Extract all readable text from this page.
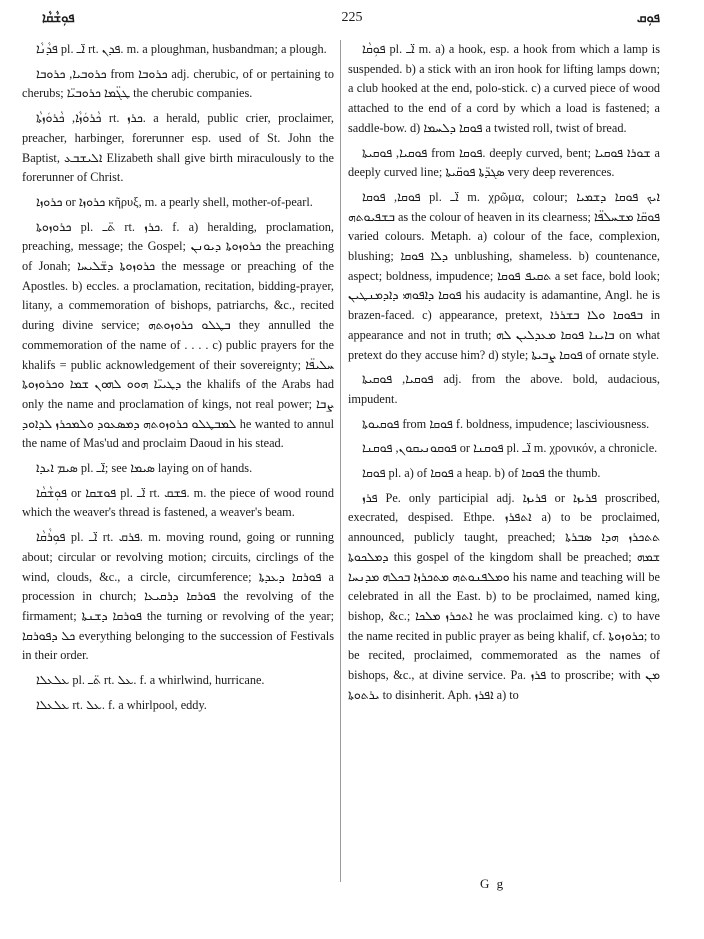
ܦܘܼܫܵܩܵܐ	225	ܦܘܼܩ

ܦܕܵܢܵܐ pl. ܐ̈ـ rt. ܦܕܢ. m. a ploughman, husbandman; a plough.

ܟܪܘܒܝܐ, ܟܪܘܒܐ from ܟܪܘܒܐ adj. cherubic, of or pertaining to cherubs; ܛܓ̈ܡܐ ܟܪܘܒܝ̈ܐ the cherubic companies.

ܟܵܪܘܿܙܵܐ, ܟܵܪܘܿܙܬܵܐ rt. ܟܪܙ. a herald, public crier, proclaimer, preacher, harbinger, forerunner esp. used of St. John the Baptist, ܐܠܝܫܒܥ Elizabeth shall give birth miraculously to the forerunner of Christ.

ܟܪܘܙܐ or ܟܪܘܙܐ κῆρυξ, m. a pearly shell, mother-of-pearl.

ܟܪܘܙܘܬܐ pl. ܬ̈ـ rt. ܟܪܙ. f. a) heralding, proclamation, preaching, message; the Gospel; ܟܪܘܙܘܬܐ ܕܝܘܢܢ the preaching of Jonah; ܟܪܘܙܘܬܐ ܕܫ̈ܠܝܚܐ the message or preaching of the Apostles. b) eccles. a proclamation, recitation, bidding-prayer, litany, a commemoration of bishops, patriarchs, &c., recited during divine service; ܒܛܠܘ ܟܪܘܙܘܬܗ they annulled the commemoration of the name of . . . . c) public prayers for the khalifs = public acknowledgement of their sovereignty; ܚܠܝܦ̈ܐ ܕܛܝܝ̈ܐ ܗܘܘ ܠܗܘܢ ܫܡܐ ܘܟܪܘܙܘܬܐ the khalifs of the Arabs had only the name and proclamation of kings, not real power; ܨܒܐ ܠܡܒܛܠܘ ܟܪܘܙܘܬܗ ܕܡܣܥܘܕ ܘܠܡܟܪܙ ܠܕܐܘܕ he wanted to annul the name of Mas'ud and proclaim Daoud in his stead.

ܣܝܡ ܐܝܕܐ pl. ܐ̈ـ; see ܣܝܡܐ laying on of hands.

ܦܘܼܫܵܩܵܐ or ܦܘܫܩܐ pl. ܐ̈ـ rt. ܦܫܩ. m. the piece of wood round which the weaver's thread is fastened, a weaver's beam.

ܦܘܼܪܵܩܵܐ pl. ܐ̈ـ rt. ܦܪܩ. m. moving round, going or running about; circular or revolving motion; circuits, circlings of the wind, clouds, &c., a circle, circumference; ܦܘܪܩܐ ܕܥܕܬܐ a procession in church; ܦܘܪܩܐ ܕܪܩܝܥܐ the revolving of the firmament; ܦܘܪܩܐ ܕܫܢܬܐ the turning or revolving of the year; ܟܠ ܕܦܘܪܩܐ everything belonging to the succession of Festivals in their order.

ܥܠܥܠܐ pl. ܬ̈ـ rt. ܥܠ. f. a whirlwind, hurricane.

ܥܠܥܠܐ rt. ܥܠ. f. a whirlpool, eddy.

ܦܘܼܩܵܐ pl. ܐ̈ـ m. a) a hook, esp. a hook from which a lamp is suspended. b) a stick with an iron hook for lifting lamps down; a club hooked at the end, polo-stick. c) a curved piece of wood attached to the end of a cord by which a load is fastened; a saddle-bow. d) ܦܘܩܐ ܕܠܚܡܐ a twisted roll, twist of bread.

ܦܘܩܝܐ, ܦܘܩܝܬܐ from ܦܘܩܐ. deeply curved, bent; ܫܘܪܐ ܦܘܩܝܐ a deeply curved line; ܣܓܕ̈ܬܐ ܦܘܩ̈ܝܬܐ very deep reverences.

ܦܘܩܐ, ܦܘܩܐ pl. ܐ̈ـ m. χρῶμα, colour; ܐܝܟ ܦܘܩܐ ܕܫܡܝܐ ܒܫܦܝܘܬܗ as the colour of heaven in its clearness; ܦܘܩ̈ܐ ܡܫܚܠܦ̈ܐ varied colours. Metaph. a) colour of the face, complexion, blushing; ܕܠܐ ܦܘܩܐ unblushing, shameless. b) countenance, aspect; boldness, impudence; ܬܩܝܦ ܦܘܩܐ a set face, bold look; ܦܘܩܐ ܕܐܦܘܗܝ ܕܐܕܡܢܛܝܢ his audacity is adamantine, Angl. he is brazen-faced. c) appearance, pretext, ܒܦܘܩܐ ܘܠܐ ܒܫܪܪܐ in appearance and not in truth; ܒܐܝܢܐ ܦܘܩܐ ܡܥܕܠܝܢ ܠܗ on what pretext do they accuse him? d) style; ܦܘܩܐ ܨܒܝܬܐ of ornate style.

ܦܘܩܝܐ, ܦܘܩܝܬܐ adj. from the above. bold, audacious, impudent.

ܦܘܩܝܘܬܐ from ܦܘܩܐ f. boldness, impudence; lasciviousness.

ܦܘܩܘܢܝܩܘܢ, ܦܘܩܢܐ or ܦܘܩܢܐ pl. ܐ̈ـ m. χρονικόν, a chronicle.

ܦܘܩܐ pl. a) of ܦܘܩܐ a heap. b) of ܦܘܩܐ the thumb.

ܦܪܙ Pe. only participial adj. ܦܪܝܙܐ or ܦܪܝܙܐ proscribed, execrated, despised. Ethpe. ܐܬܦܪܙ a) to be proclaimed, announced, publicly taught, preached; ܬܬܟܪܙ ܗܕܐ ܣܒܪܬܐ ܕܡܠܟܘܬܐ this gospel of the kingdom shall be preached; ܫܡܗ ܘܡܠܦܢܘܬܗ ܡܬܟܪܙܐ ܒܟܠܗ ܡܕܢܚܐ his name and teaching will be celebrated in all the East. b) to be proclaimed, named king, bishop, &c.; ܐܬܟܪܙ ܡܠܟܐ he was proclaimed king. c) to have the name recited in public prayer as being khalif, cf. ܟܪܘܙܘܬܐ; to be recited, proclaimed, commemorated as the names of bishops, &c., at divine service. Pa. ܦܪܙ to proscribe; with ܡܢ ܝܪܬܘܬܐ to disinherit. Aph. ܐܦܪܙ a) to

G g
